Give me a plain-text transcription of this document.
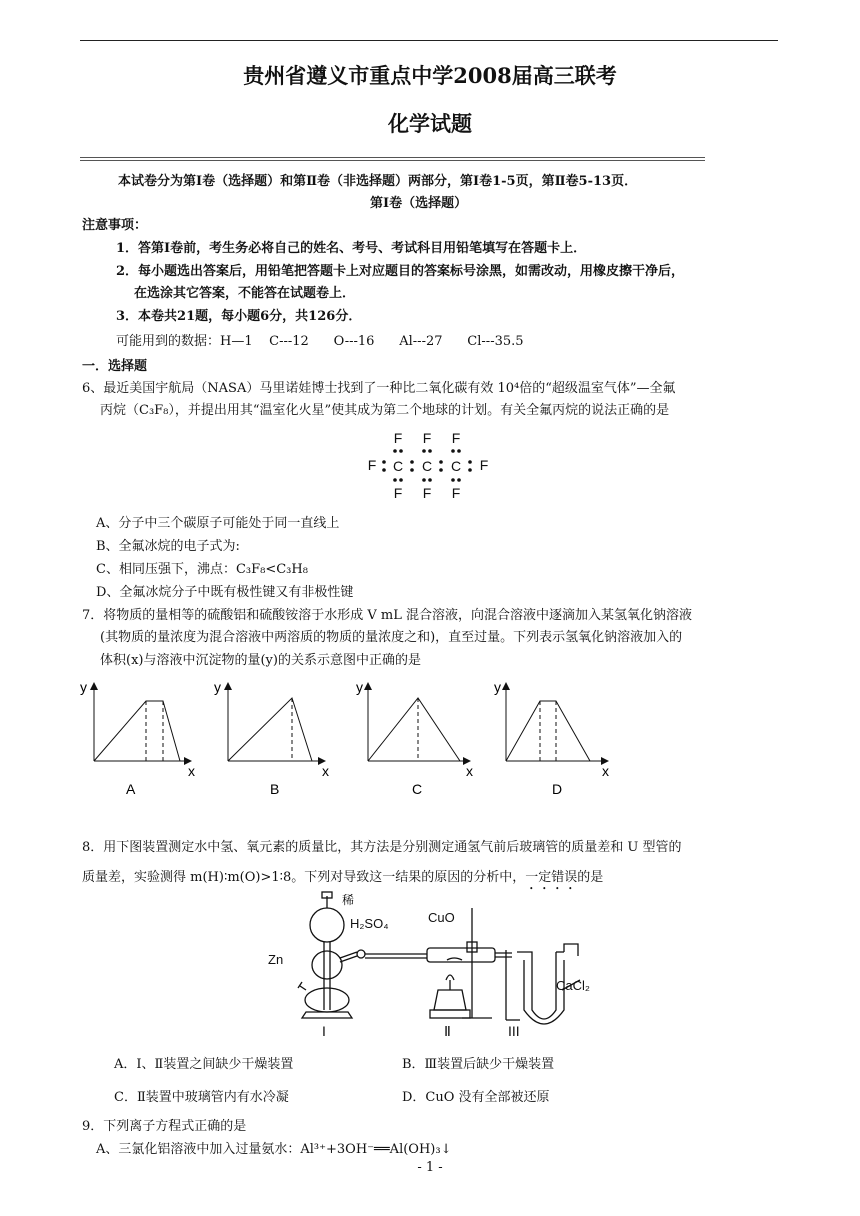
贵州省遵义市重点中学2008届高三联考
化学试题
本试卷分为第Ⅰ卷（选择题）和第Ⅱ卷（非选择题）两部分，第Ⅰ卷1-5页，第Ⅱ卷5-13页．
第Ⅰ卷（选择题）
注意事项：
1．答第Ⅰ卷前，考生务必将自己的姓名、考号、考试科目用铅笔填写在答题卡上．
2．每小题选出答案后，用铅笔把答题卡上对应题目的答案标号涂黑，如需改动，用橡皮擦干净后，
在选涂其它答案，不能答在试题卷上．
3．本卷共21题，每小题6分，共126分．
可能用到的数据：H—1    C---12      O---16      Al---27      Cl---35.5
一．选择题
6、最近美国宇航局（NASA）马里诺娃博士找到了一种比二氧化碳有效 10⁴倍的“超级温室气体”—全氟
丙烷（C₃F₈），并提出用其“温室化火星”使其成为第二个地球的计划。有关全氟丙烷的说法正确的是
F F F
F C C C F
F F F
A、分子中三个碳原子可能处于同一直线上
B、全氟冰烷的电子式为:
C、相同压强下，沸点：C₃F₈<C₃H₈
D、全氟冰烷分子中既有极性键又有非极性键
7．将物质的量相等的硫酸铝和硫酸铵溶于水形成 V mL 混合溶液，向混合溶液中逐滴加入某氢氧化钠溶液
(其物质的量浓度为混合溶液中两溶质的物质的量浓度之和)，直至过量。下列表示氢氧化钠溶液加入的
体积(x)与溶液中沉淀物的量(y)的关系示意图中正确的是
y
x
A
y
x
B
y
x
C
y
x
D
8．用下图装置测定水中氢、氧元素的质量比，其方法是分别测定通氢气前后玻璃管的质量差和 U 型管的
质量差，实验测得 m(H)∶m(O)>1∶8。下列对导致这一结果的原因的分析中，一定错误的是
稀
H₂SO₄	CuO
Zn
CaCl₂
I	Ⅱ	III
A．Ⅰ、Ⅱ装置之间缺少干燥装置	B．Ⅲ装置后缺少干燥装置
C．Ⅱ装置中玻璃管内有水冷凝	D．CuO 没有全部被还原
9．下列离子方程式正确的是
A、三氯化铝溶液中加入过量氨水：Al³⁺+3OH⁻══Al(OH)₃↓
- 1 -
